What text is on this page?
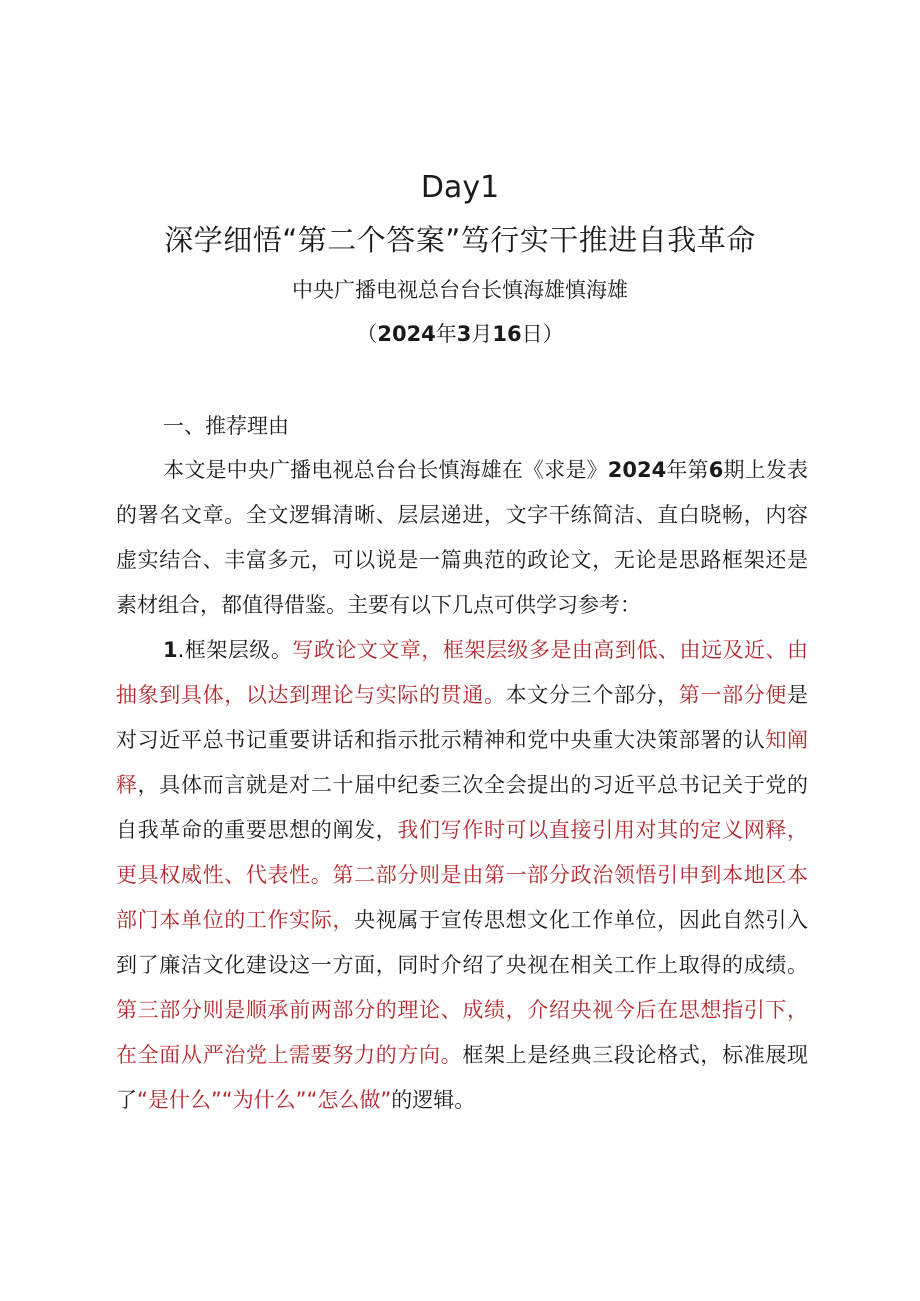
Day1
深学细悟“第二个答案”笃行实干推进自我革命
中央广播电视总台台长慎海雄慎海雄
（2024年3月16日）
一、推荐理由
本文是中央广播电视总台台长慎海雄在《求是》2024年第6期上发表的署名文章。全文逻辑清晰、层层递进，文字干练简洁、直白晓畅，内容虚实结合、丰富多元，可以说是一篇典范的政论文，无论是思路框架还是素材组合，都值得借鉴。主要有以下几点可供学习参考：
1.框架层级。写政论文文章，框架层级多是由高到低、由远及近、由抽象到具体，以达到理论与实际的贯通。本文分三个部分，第一部分便是对习近平总书记重要讲话和指示批示精神和党中央重大决策部署的认知阐释，具体而言就是对二十届中纪委三次全会提出的习近平总书记关于党的自我革命的重要思想的阐发，我们写作时可以直接引用对其的定义网释，更具权威性、代表性。第二部分则是由第一部分政治领悟引申到本地区本部门本单位的工作实际，央视属于宣传思想文化工作单位，因此自然引入到了廉洁文化建设这一方面，同时介绍了央视在相关工作上取得的成绩。第三部分则是顺承前两部分的理论、成绩，介绍央视今后在思想指引下，在全面从严治党上需要努力的方向。框架上是经典三段论格式，标准展现了“是什么”“为什么”“怎么做”的逻辑。
